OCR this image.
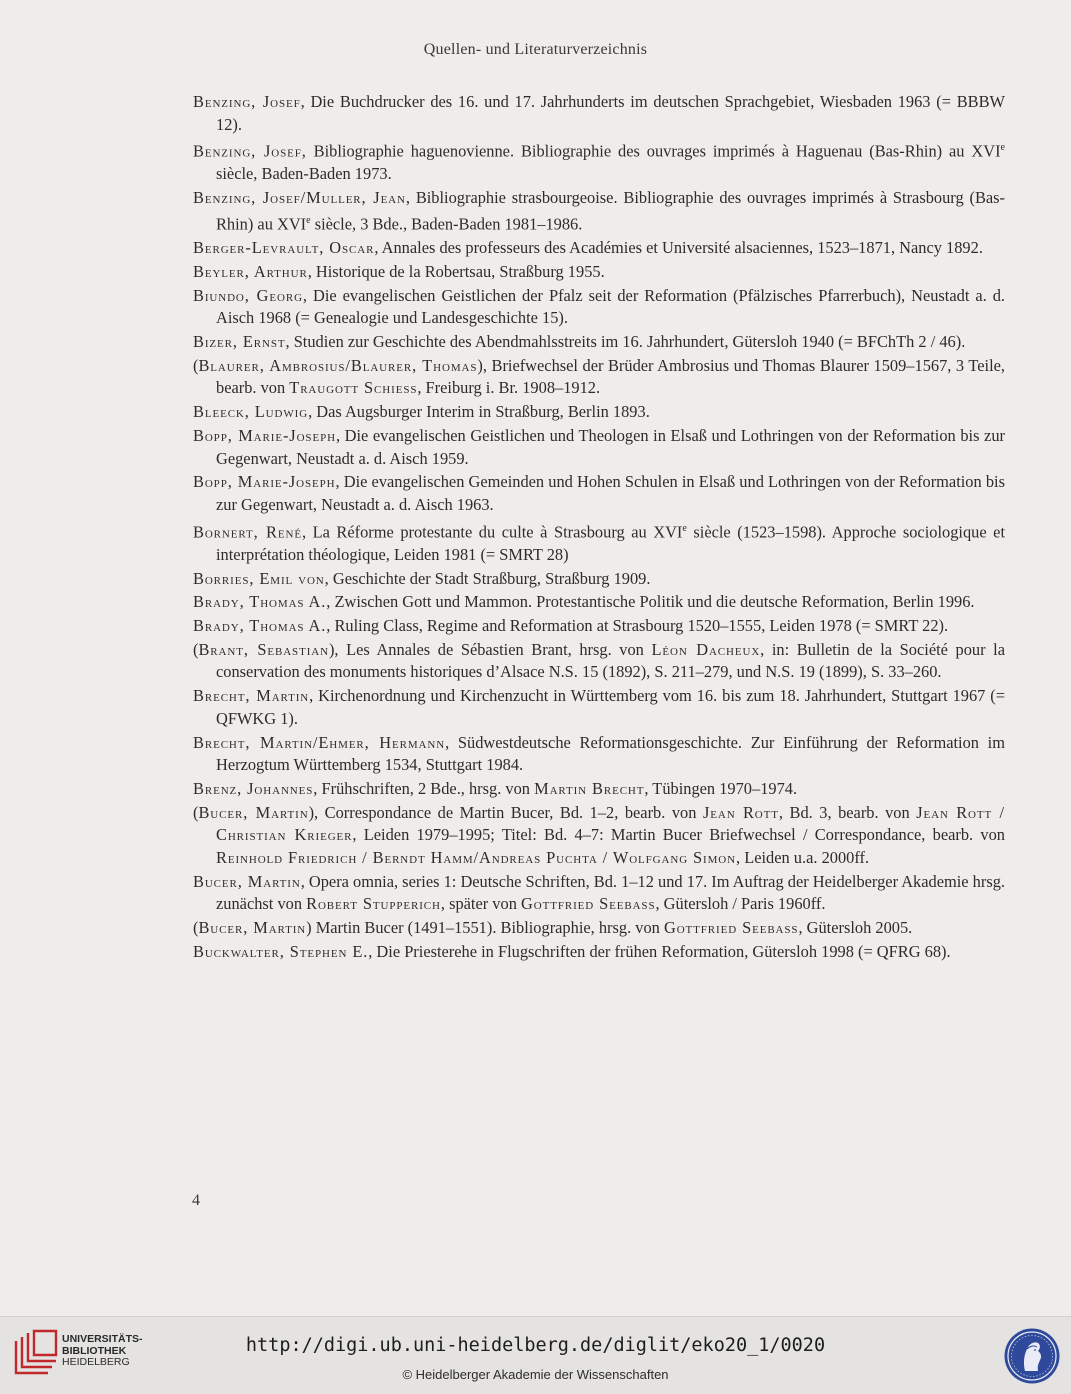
Quellen- und Literaturverzeichnis
Benzing, Josef, Die Buchdrucker des 16. und 17. Jahrhunderts im deutschen Sprachgebiet, Wiesbaden 1963 (= BBBW 12).
Benzing, Josef, Bibliographie haguenovienne. Bibliographie des ouvrages imprimés à Haguenau (Bas-Rhin) au XVIe siècle, Baden-Baden 1973.
Benzing, Josef/Muller, Jean, Bibliographie strasbourgeoise. Bibliographie des ouvrages imprimés à Strasbourg (Bas-Rhin) au XVIe siècle, 3 Bde., Baden-Baden 1981–1986.
Berger-Levrault, Oscar, Annales des professeurs des Académies et Université alsaciennes, 1523–1871, Nancy 1892.
Beyler, Arthur, Historique de la Robertsau, Straßburg 1955.
Biundo, Georg, Die evangelischen Geistlichen der Pfalz seit der Reformation (Pfälzisches Pfarrerbuch), Neustadt a. d. Aisch 1968 (= Genealogie und Landesgeschichte 15).
Bizer, Ernst, Studien zur Geschichte des Abendmahlsstreits im 16. Jahrhundert, Gütersloh 1940 (= BFChTh 2 / 46).
(Blaurer, Ambrosius/Blaurer, Thomas), Briefwechsel der Brüder Ambrosius und Thomas Blaurer 1509–1567, 3 Teile, bearb. von Traugott Schiess, Freiburg i. Br. 1908–1912.
Bleeck, Ludwig, Das Augsburger Interim in Straßburg, Berlin 1893.
Bopp, Marie-Joseph, Die evangelischen Geistlichen und Theologen in Elsaß und Lothringen von der Reformation bis zur Gegenwart, Neustadt a. d. Aisch 1959.
Bopp, Marie-Joseph, Die evangelischen Gemeinden und Hohen Schulen in Elsaß und Lothringen von der Reformation bis zur Gegenwart, Neustadt a. d. Aisch 1963.
Bornert, René, La Réforme protestante du culte à Strasbourg au XVIe siècle (1523–1598). Approche sociologique et interprétation théologique, Leiden 1981 (= SMRT 28)
Borries, Emil von, Geschichte der Stadt Straßburg, Straßburg 1909.
Brady, Thomas A., Zwischen Gott und Mammon. Protestantische Politik und die deutsche Reformation, Berlin 1996.
Brady, Thomas A., Ruling Class, Regime and Reformation at Strasbourg 1520–1555, Leiden 1978 (= SMRT 22).
(Brant, Sebastian), Les Annales de Sébastien Brant, hrsg. von Léon Dacheux, in: Bulletin de la Société pour la conservation des monuments historiques d’Alsace N.S. 15 (1892), S. 211–279, und N.S. 19 (1899), S. 33–260.
Brecht, Martin, Kirchenordnung und Kirchenzucht in Württemberg vom 16. bis zum 18. Jahrhundert, Stuttgart 1967 (= QFWKG 1).
Brecht, Martin/Ehmer, Hermann, Südwestdeutsche Reformationsgeschichte. Zur Einführung der Reformation im Herzogtum Württemberg 1534, Stuttgart 1984.
Brenz, Johannes, Frühschriften, 2 Bde., hrsg. von Martin Brecht, Tübingen 1970–1974.
(Bucer, Martin), Correspondance de Martin Bucer, Bd. 1–2, bearb. von Jean Rott, Bd. 3, bearb. von Jean Rott / Christian Krieger, Leiden 1979–1995; Titel: Bd. 4–7: Martin Bucer Briefwechsel / Correspondance, bearb. von Reinhold Friedrich / Berndt Hamm/Andreas Puchta / Wolfgang Simon, Leiden u.a. 2000ff.
Bucer, Martin, Opera omnia, series 1: Deutsche Schriften, Bd. 1–12 und 17. Im Auftrag der Heidelberger Akademie hrsg. zunächst von Robert Stupperich, später von Gottfried Seebass, Gütersloh / Paris 1960ff.
(Bucer, Martin) Martin Bucer (1491–1551). Bibliographie, hrsg. von Gottfried Seebass, Gütersloh 2005.
Buckwalter, Stephen E., Die Priesterehe in Flugschriften der frühen Reformation, Gütersloh 1998 (= QFRG 68).
4
UNIVERSITÄTS-
BIBLIOTHEK
HEIDELBERG
http://digi.ub.uni-heidelberg.de/diglit/eko20_1/0020
© Heidelberger Akademie der Wissenschaften
